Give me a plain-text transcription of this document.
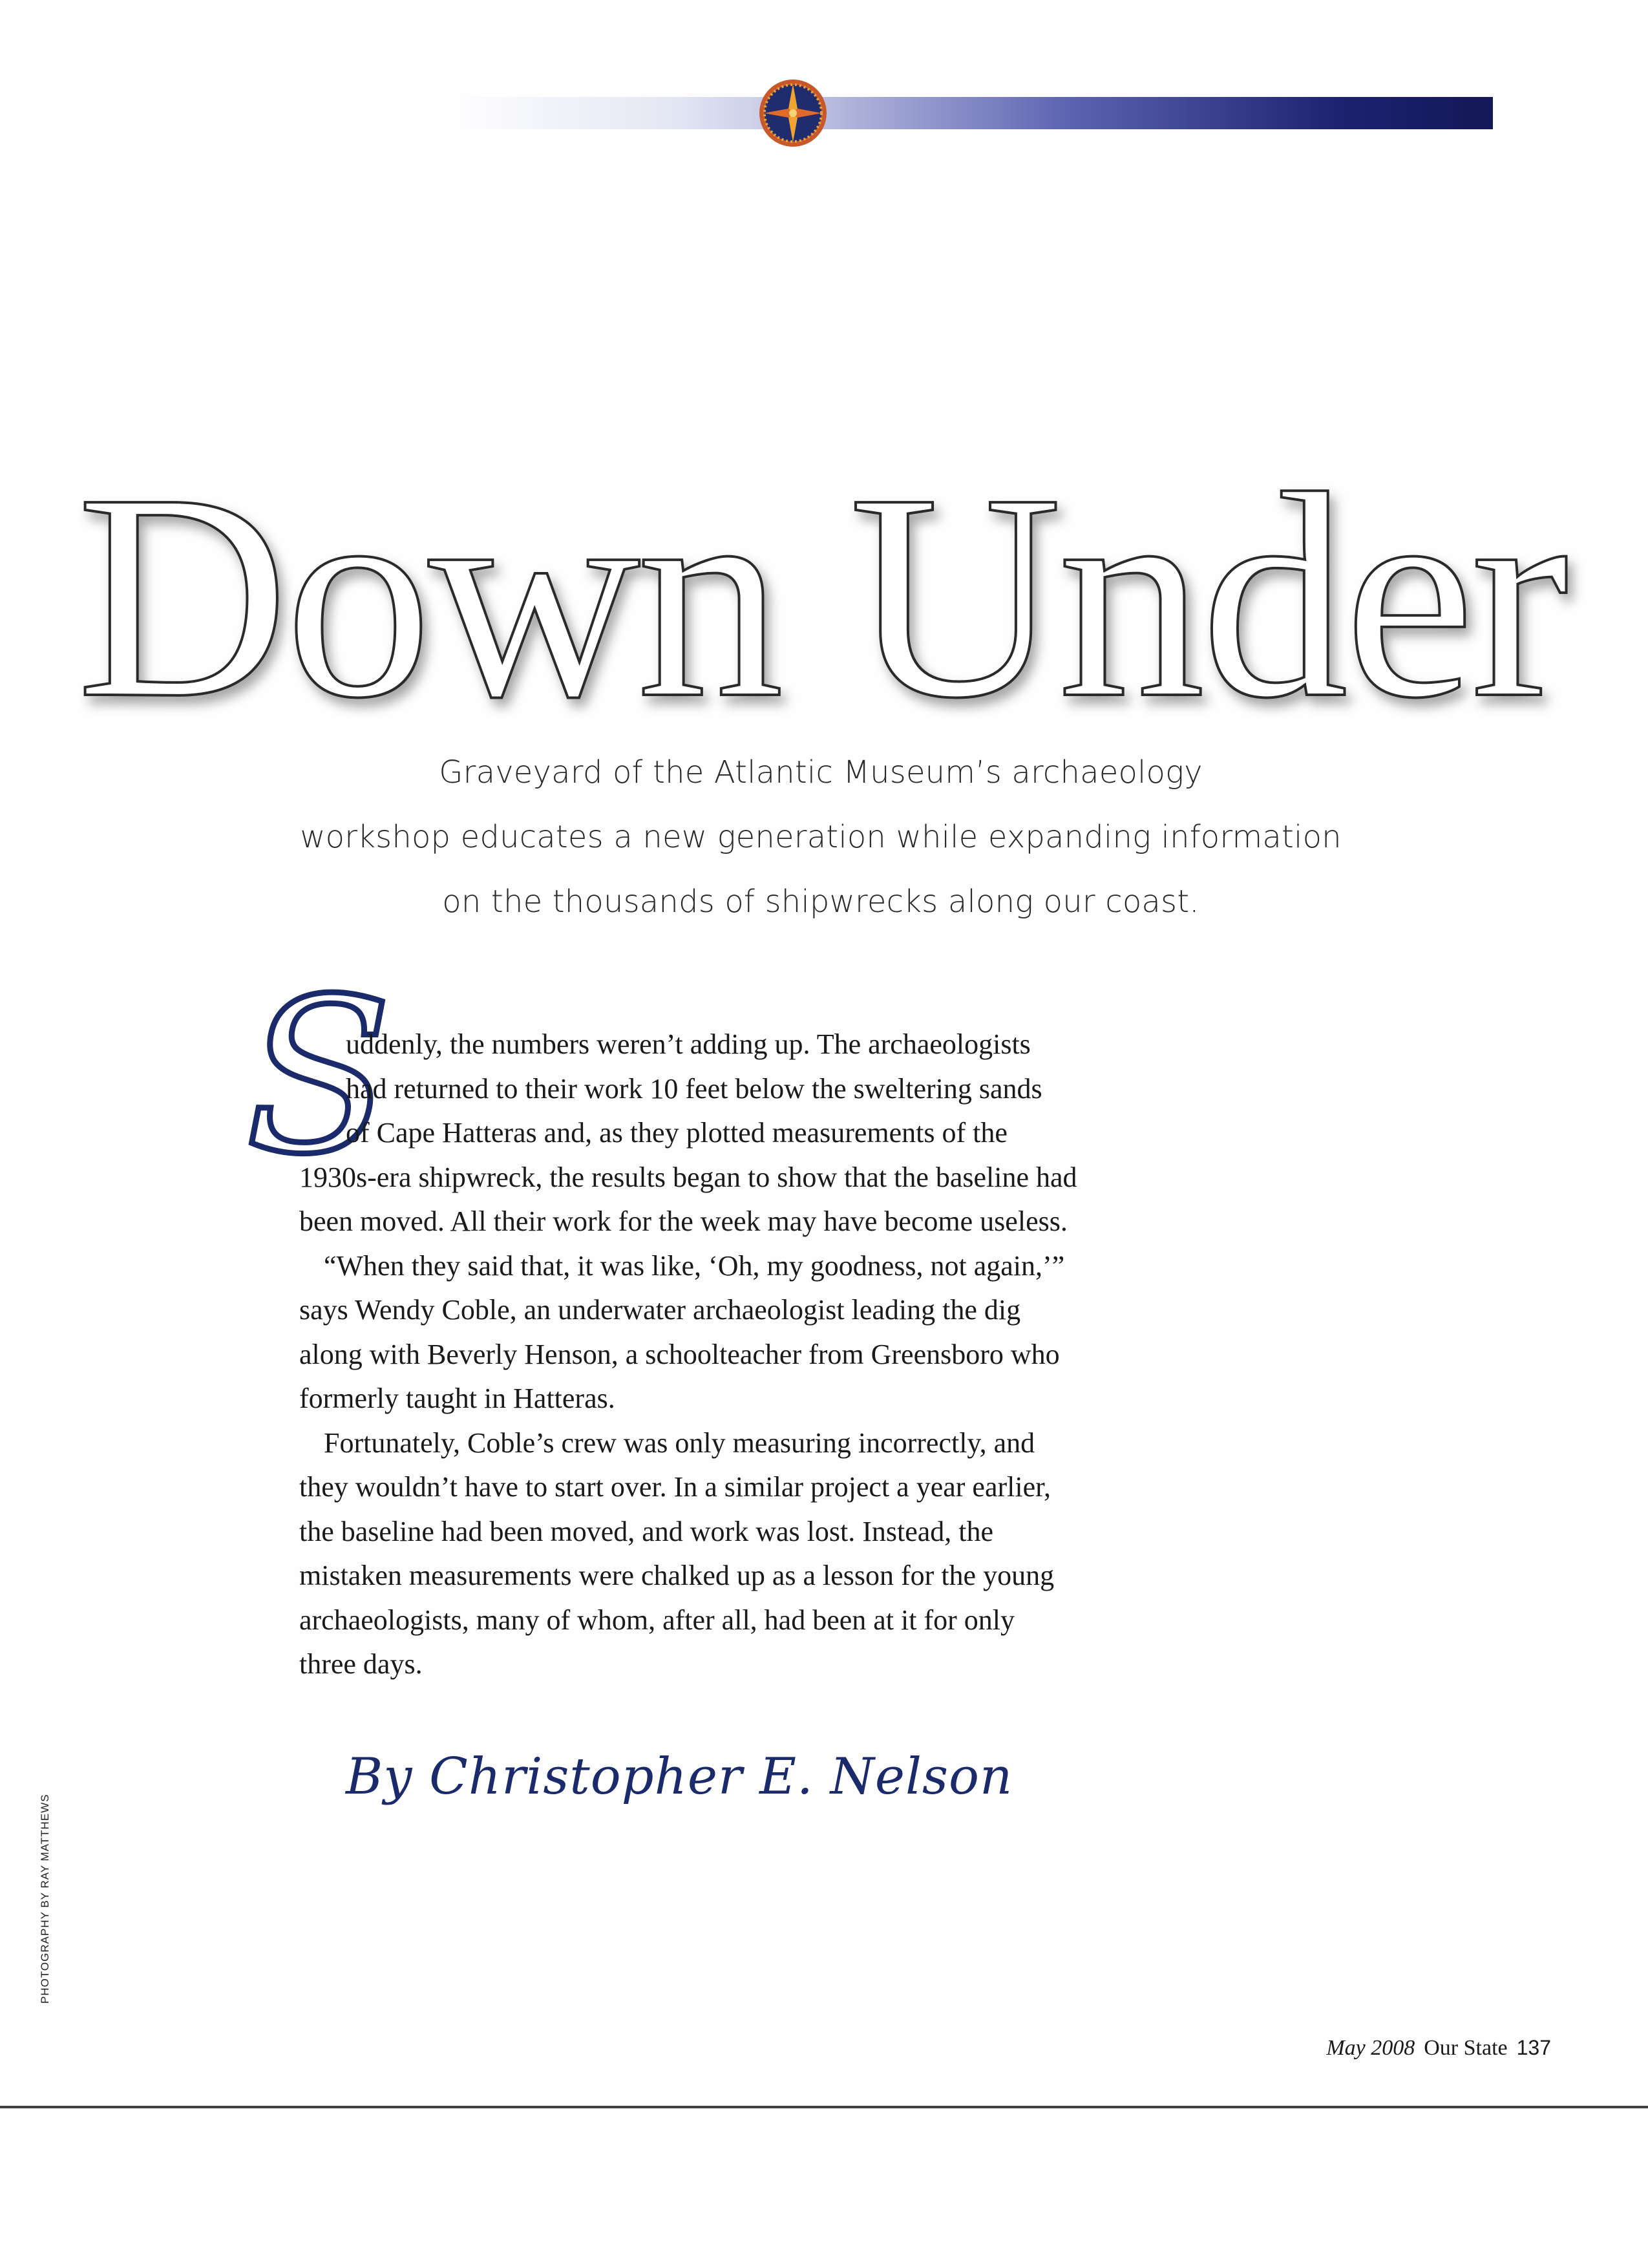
Down Under
Graveyard of the Atlantic Museum’s archaeology
workshop educates a new generation while expanding information
on the thousands of shipwrecks along our coast.
S
uddenly, the numbers weren’t adding up. The archaeologists
had returned to their work 10 feet below the sweltering sands
of Cape Hatteras and, as they plotted measurements of the
1930s-era shipwreck, the results began to show that the baseline had
been moved. All their work for the week may have become useless.
“When they said that, it was like, ‘Oh, my goodness, not again,’”
says Wendy Coble, an underwater archaeologist leading the dig
along with Beverly Henson, a schoolteacher from Greensboro who
formerly taught in Hatteras.
Fortunately, Coble’s crew was only measuring incorrectly, and
they wouldn’t have to start over. In a similar project a year earlier,
the baseline had been moved, and work was lost. Instead, the
mistaken measurements were chalked up as a lesson for the young
archaeologists, many of whom, after all, had been at it for only
three days.
By Christopher E. Nelson
PHOTOGRAPHY BY RAY MATTHEWS
May 2008 Our State 137
